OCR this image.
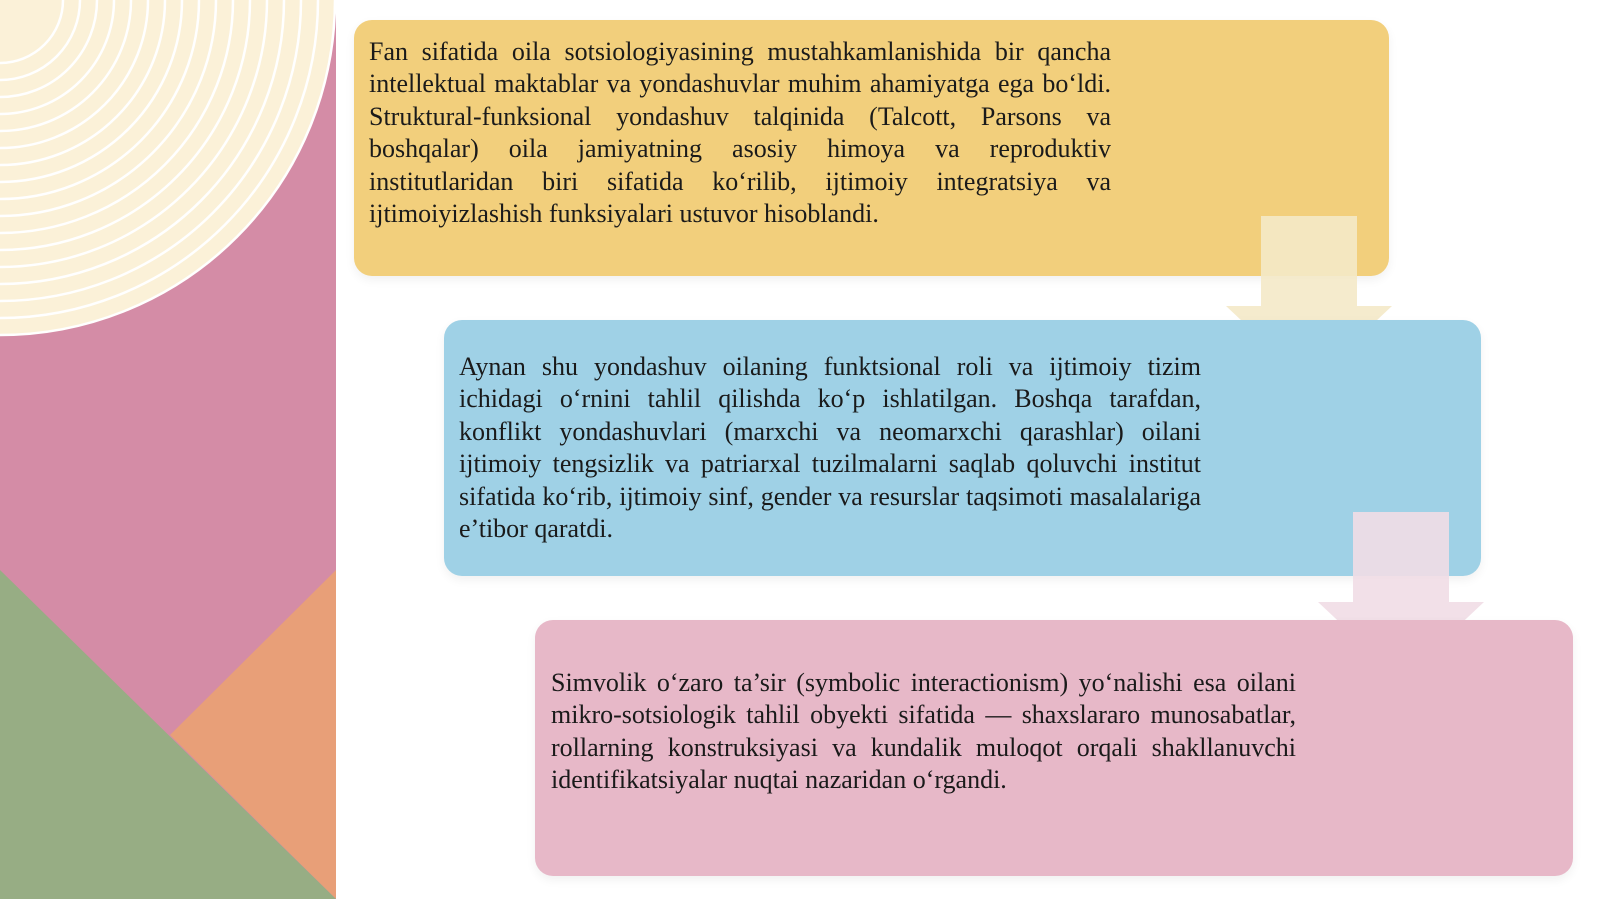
Fan sifatida oila sotsiologiyasining mustahkamlanishida bir qancha intellektual maktablar va yondashuvlar muhim ahamiyatga ega bo‘ldi. Struktural-funksional yondashuv talqinida (Talcott, Parsons va boshqalar) oila jamiyatning asosiy himoya va reproduktiv institutlaridan biri sifatida ko‘rilib, ijtimoiy integratsiya va ijtimoiyizlashish funksiyalari ustuvor hisoblandi.
Aynan shu yondashuv oilaning funktsional roli va ijtimoiy tizim ichidagi o‘rnini tahlil qilishda ko‘p ishlatilgan. Boshqa tarafdan, konflikt yondashuvlari (marxchi va neomarxchi qarashlar) oilani ijtimoiy tengsizlik va patriarxal tuzilmalarni saqlab qoluvchi institut sifatida ko‘rib, ijtimoiy sinf, gender va resurslar taqsimoti masalalariga e’tibor qaratdi.
Simvolik o‘zaro ta’sir (symbolic interactionism) yo‘nalishi esa oilani mikro-sotsiologik tahlil obyekti sifatida — shaxslararo munosabatlar, rollarning konstruksiyasi va kundalik muloqot orqali shakllanuvchi identifikatsiyalar nuqtai nazaridan o‘rgandi.
